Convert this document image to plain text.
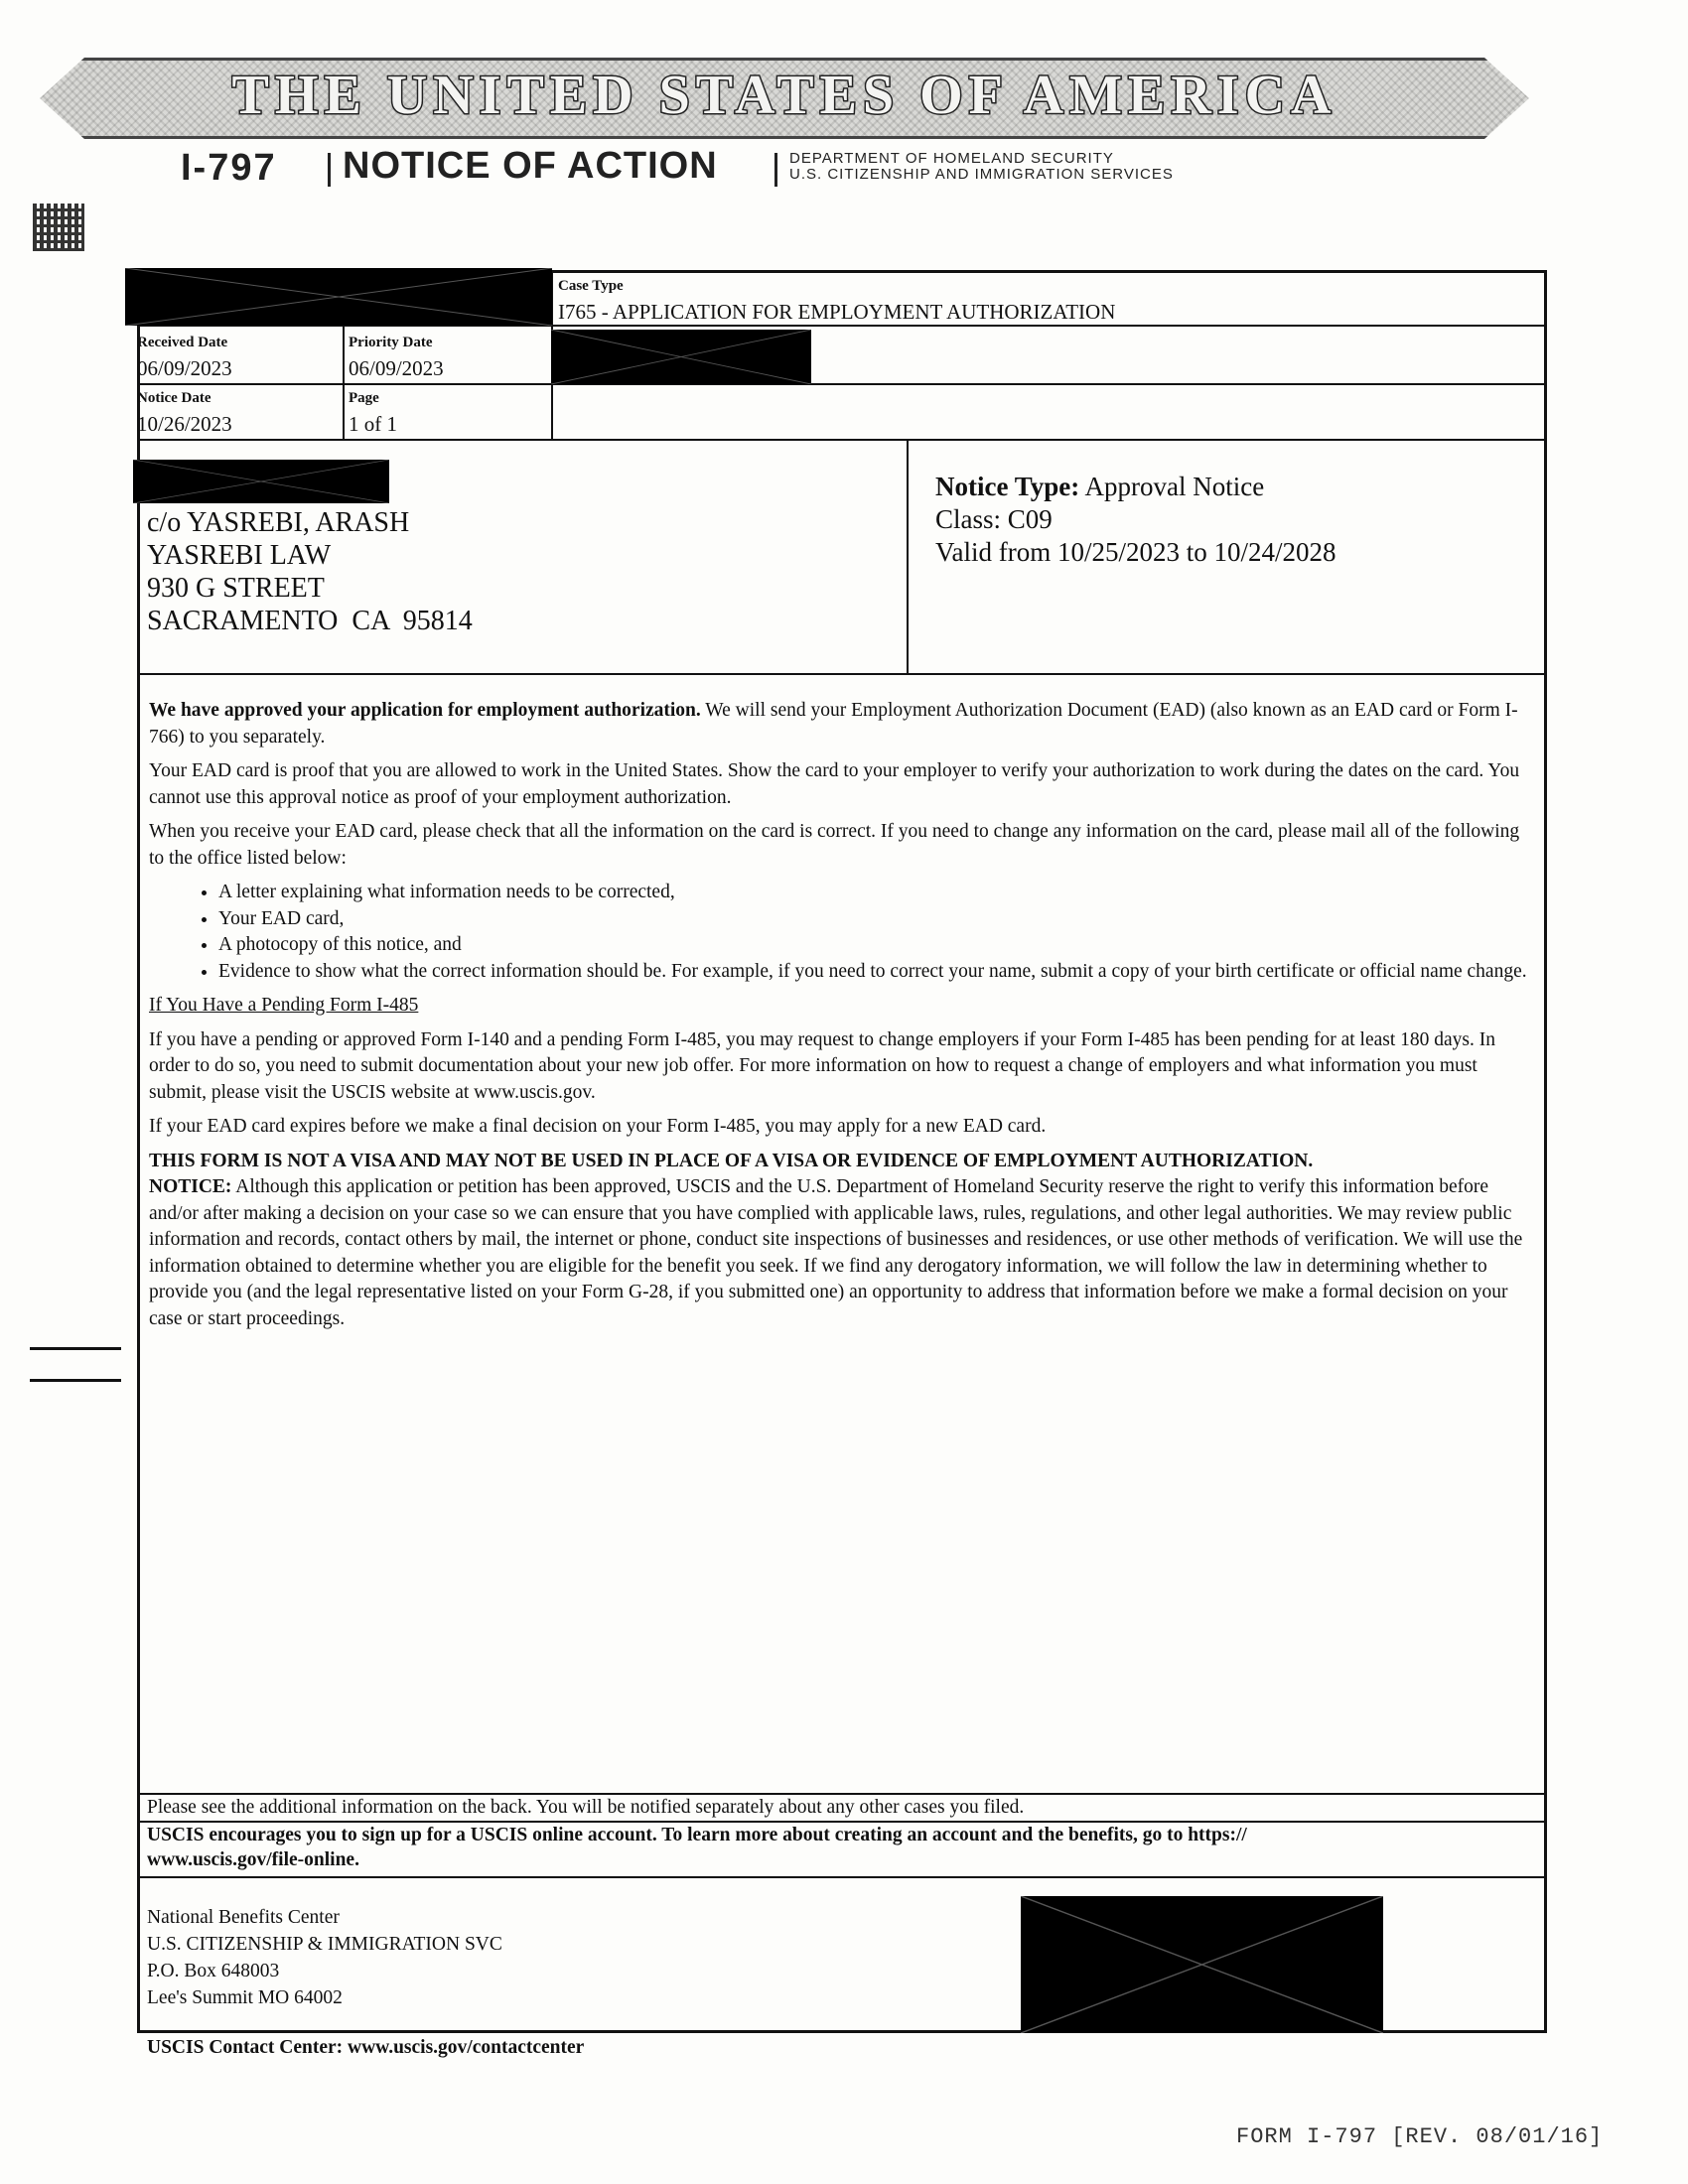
THE UNITED STATES OF AMERICA
I-797 NOTICE OF ACTION	DEPARTMENT OF HOMELAND SECURITY
U.S. CITIZENSHIP AND IMMIGRATION SERVICES
Case Type
I765 - APPLICATION FOR EMPLOYMENT AUTHORIZATION
Received Date
06/09/2023
Priority Date
06/09/2023
Notice Date
10/26/2023
Page
1 of 1
c/o YASREBI, ARASH
YASREBI LAW
930 G STREET
SACRAMENTO  CA  95814
Notice Type: Approval Notice
Class: C09
Valid from 10/25/2023 to 10/24/2028

We have approved your application for employment authorization. We will send your Employment Authorization Document (EAD) (also known as an EAD card or Form I-766) to you separately.

Your EAD card is proof that you are allowed to work in the United States. Show the card to your employer to verify your authorization to work during the dates on the card. You cannot use this approval notice as proof of your employment authorization.

When you receive your EAD card, please check that all the information on the card is correct. If you need to change any information on the card, please mail all of the following to the office listed below:

• A letter explaining what information needs to be corrected,
• Your EAD card,
• A photocopy of this notice, and
• Evidence to show what the correct information should be. For example, if you need to correct your name, submit a copy of your birth certificate or official name change.

If You Have a Pending Form I-485

If you have a pending or approved Form I-140 and a pending Form I-485, you may request to change employers if your Form I-485 has been pending for at least 180 days. In order to do so, you need to submit documentation about your new job offer. For more information on how to request a change of employers and what information you must submit, please visit the USCIS website at www.uscis.gov.

If your EAD card expires before we make a final decision on your Form I-485, you may apply for a new EAD card.

THIS FORM IS NOT A VISA AND MAY NOT BE USED IN PLACE OF A VISA OR EVIDENCE OF EMPLOYMENT AUTHORIZATION.

NOTICE: Although this application or petition has been approved, USCIS and the U.S. Department of Homeland Security reserve the right to verify this information before and/or after making a decision on your case so we can ensure that you have complied with applicable laws, rules, regulations, and other legal authorities. We may review public information and records, contact others by mail, the internet or phone, conduct site inspections of businesses and residences, or use other methods of verification. We will use the information obtained to determine whether you are eligible for the benefit you seek. If we find any derogatory information, we will follow the law in determining whether to provide you (and the legal representative listed on your Form G-28, if you submitted one) an opportunity to address that information before we make a formal decision on your case or start proceedings.

Please see the additional information on the back. You will be notified separately about any other cases you filed.
USCIS encourages you to sign up for a USCIS online account. To learn more about creating an account and the benefits, go to https://
www.uscis.gov/file-online.
National Benefits Center
U.S. CITIZENSHIP & IMMIGRATION SVC
P.O. Box 648003
Lee's Summit MO 64002
USCIS Contact Center: www.uscis.gov/contactcenter
FORM I-797 [REV. 08/01/16]
